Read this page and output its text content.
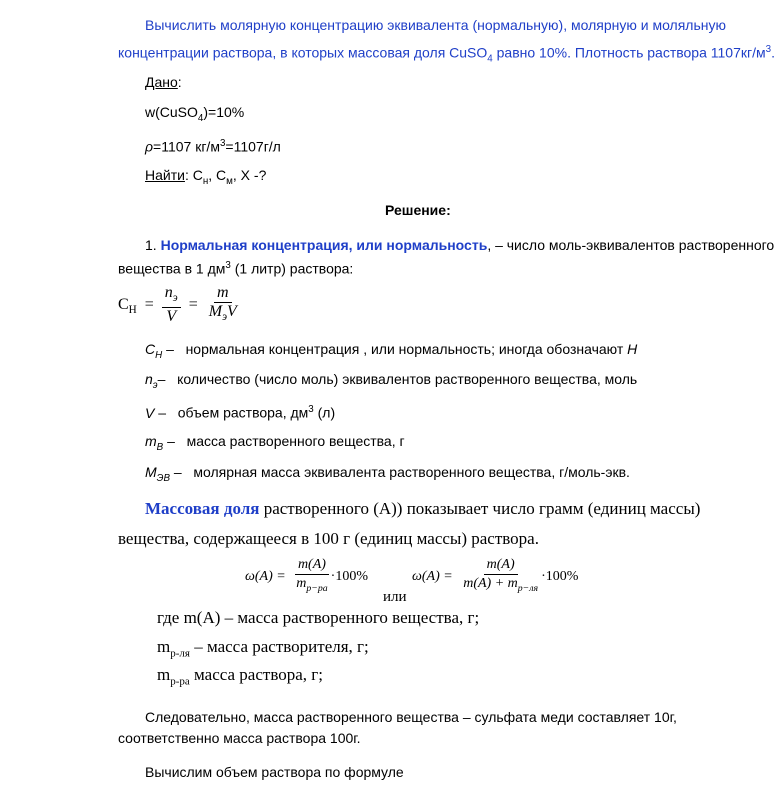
Вычислить молярную концентрацию эквивалента (нормальную), молярную и моляльную

концентрации раствора, в которых массовая доля CuSO$_4$ равно 10%. Плотность раствора $1107кг/м^3$.

Дано:

w(CuSO$_4$)=10%

ρ=1107 $кг/м^3=1107г/л$

Найти: $С_н$, $С_м$, Х -?

Решение:

1. Нормальная концентрация, или нормальность, – число моль-эквивалентов растворенного

вещества в 1 $дм^3$ (1 литр) раствора:

$C_H = \frac{n_э}{V} = \frac{m}{M_эV}$
$C_H$ – нормальная концентрация , или нормальность; иногда обозначают Н
$n_э-$ количество (число моль) эквивалентов растворенного вещества, моль
V – объем раствора, $дм^3$ (л)
$m_B$ – масса растворенного вещества, г
$M_{ЭB}$ – молярная масса эквивалента растворенного вещества, г/моль-экв.

Массовая доля растворенного (А)) показывает число грамм (единиц массы)

вещества, содержащееся в 100 г (единиц массы) раствора.

$\omega(A) = \frac{m(A)}{m_{p-pa}} \cdot 100\%$

или

$\omega(A) = \frac{m(A)}{m(A) + m_{p-ля}} \cdot 100\%$

где m(A) – масса растворенного вещества, г;

$m_{р-ля}$ – масса растворителя, г;

$m_{р-ра}$ масса раствора, г;

Следовательно, масса растворенного вещества – сульфата меди составляет 10г,

соответственно масса раствора 100г.

Вычислим объем раствора по формуле
